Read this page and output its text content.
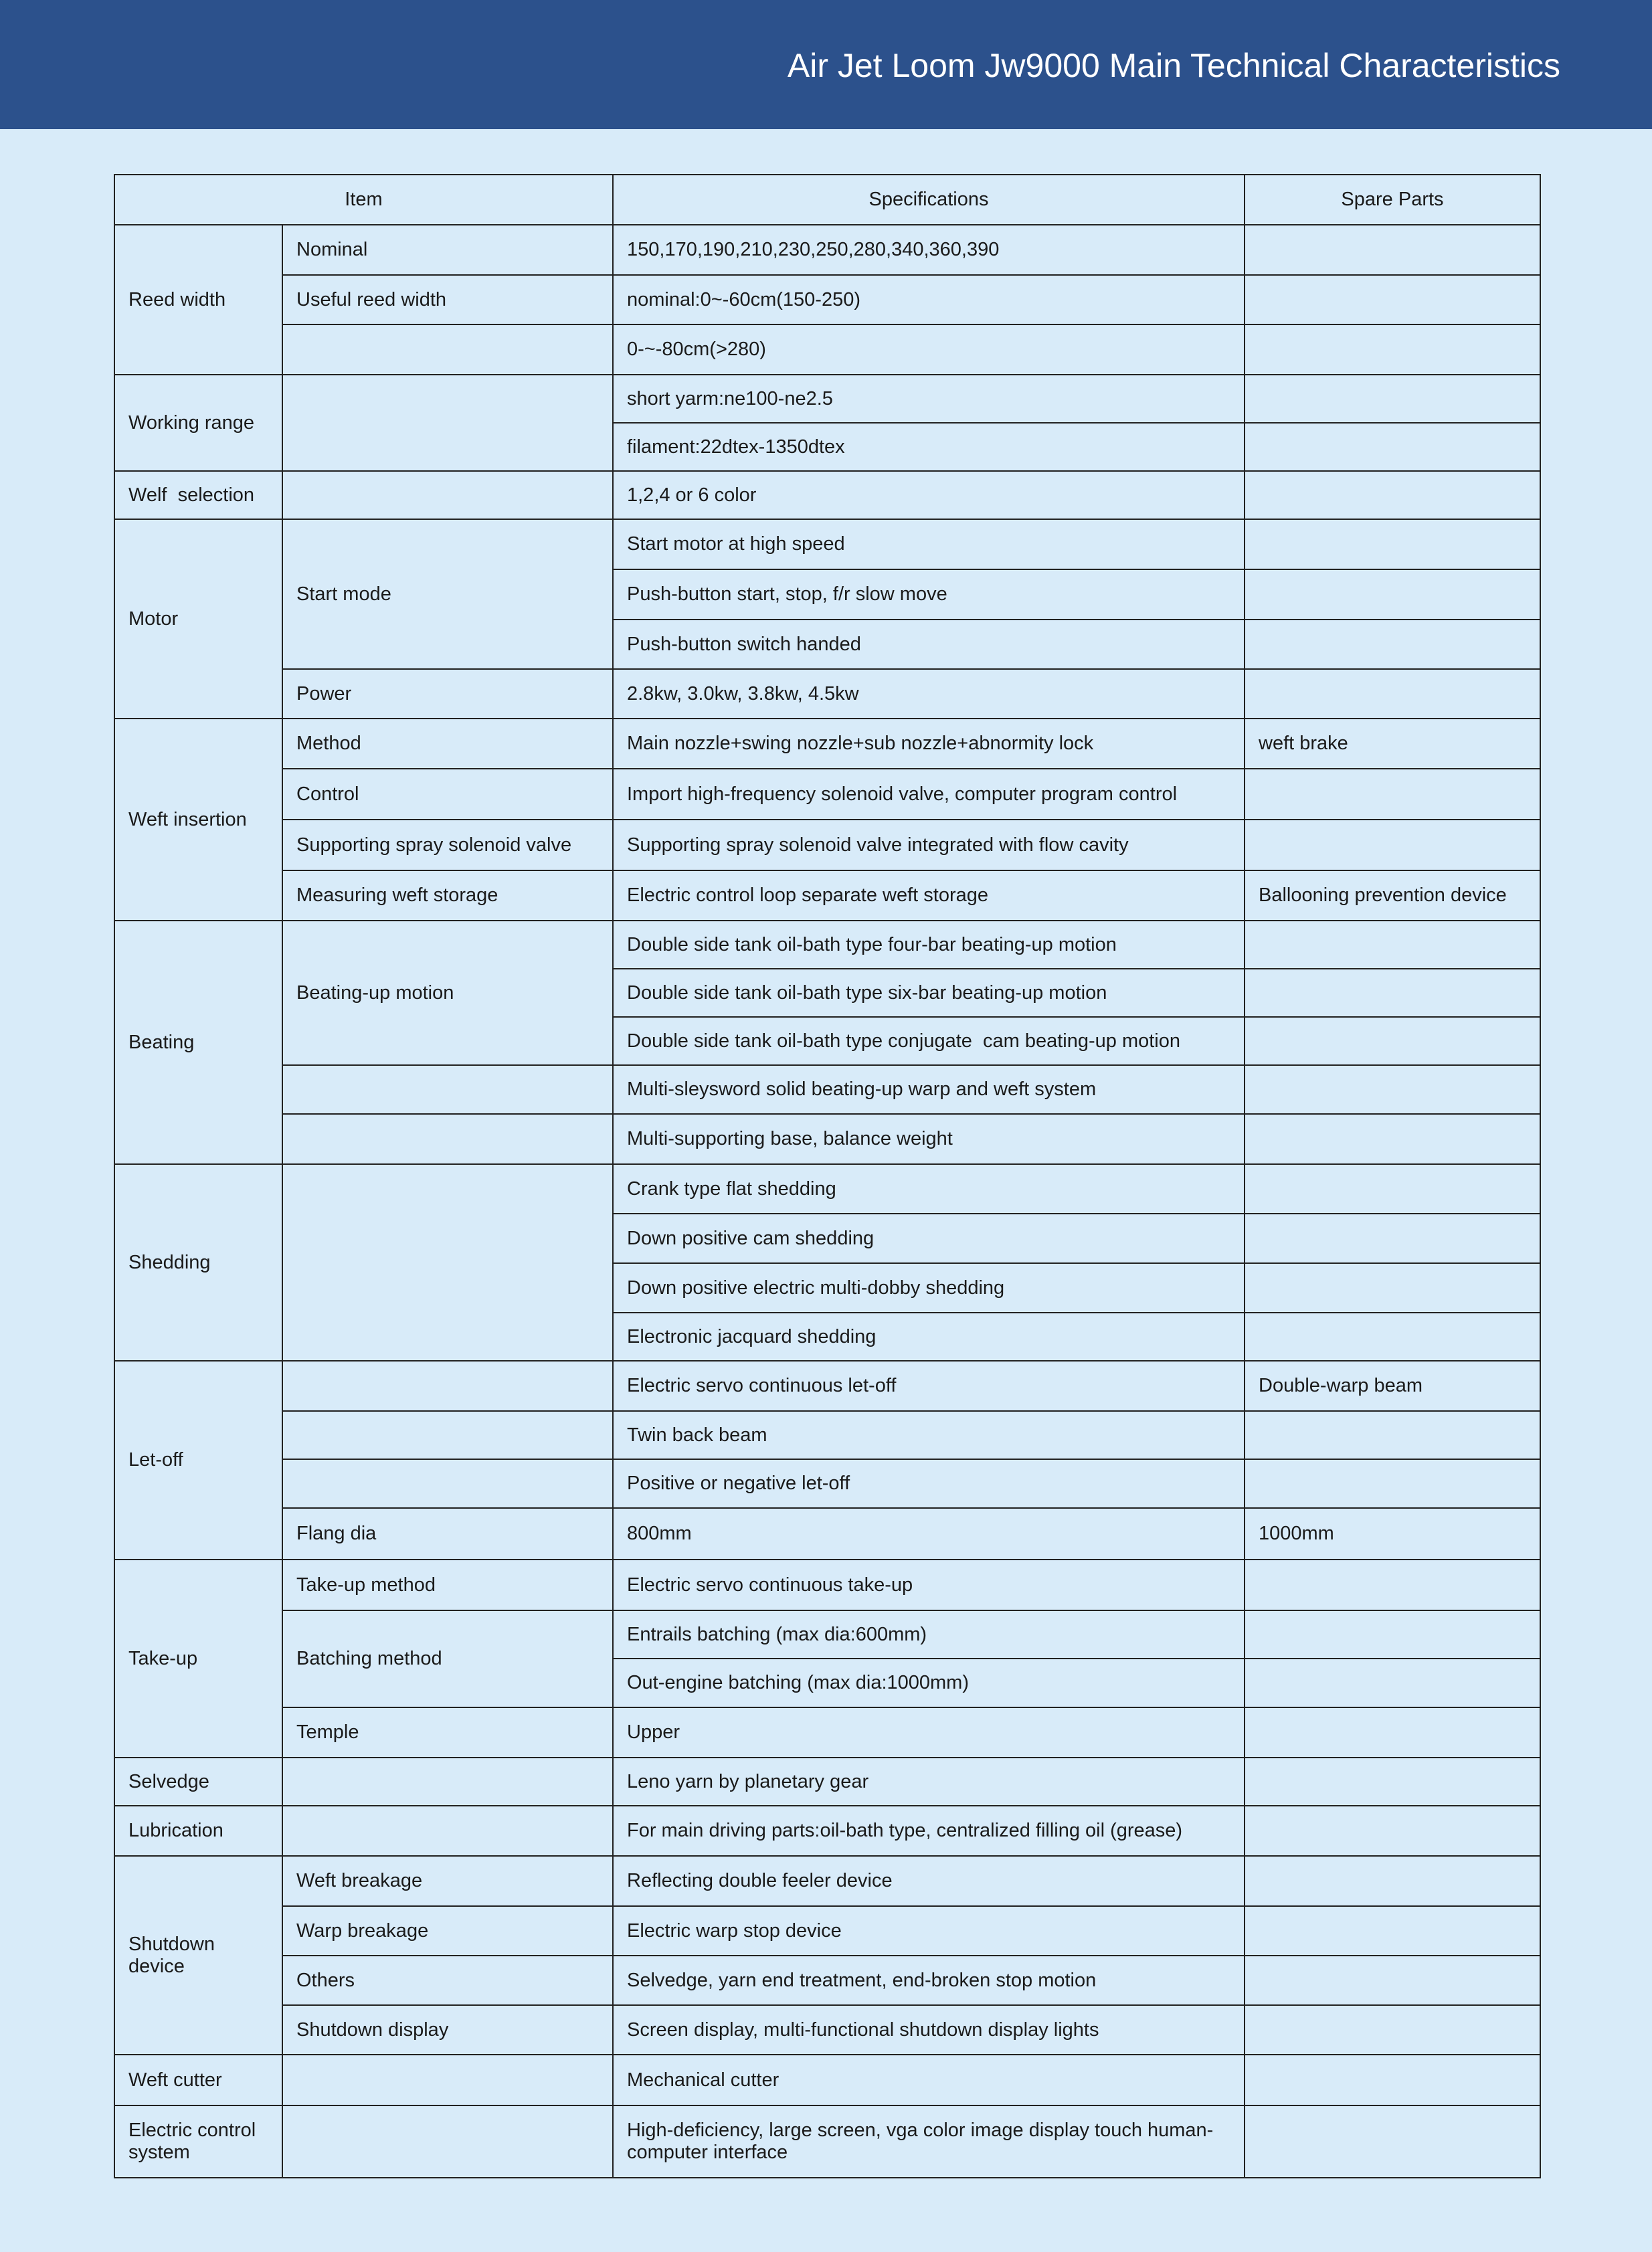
Air Jet Loom Jw9000 Main Technical Characteristics
Item		Specifications	Spare Parts
Reed width	Nominal	150,170,190,210,230,250,280,340,360,390	
	Useful reed width	nominal:0~-60cm(150-250)	
		0-~-80cm(>280)	
Working range		short yarm:ne100-ne2.5	
		filament:22dtex-1350dtex	
Welf  selection		1,2,4 or 6 color	
Motor	Start mode	Start motor at high speed	
		Push-button start, stop, f/r slow move	
		Push-button switch handed	
	Power	2.8kw, 3.0kw, 3.8kw, 4.5kw	
Weft insertion	Method	Main nozzle+swing nozzle+sub nozzle+abnormity lock	weft brake
	Control	Import high-frequency solenoid valve, computer program control	
	Supporting spray solenoid valve	Supporting spray solenoid valve integrated with flow cavity	
	Measuring weft storage	Electric control loop separate weft storage	Ballooning prevention device
Beating	Beating-up motion	Double side tank oil-bath type four-bar beating-up motion	
		Double side tank oil-bath type six-bar beating-up motion	
		Double side tank oil-bath type conjugate  cam beating-up motion	
		Multi-sleysword solid beating-up warp and weft system	
		Multi-supporting base, balance weight	
Shedding		Crank type flat shedding	
		Down positive cam shedding	
		Down positive electric multi-dobby shedding	
		Electronic jacquard shedding	
Let-off		Electric servo continuous let-off	Double-warp beam
		Twin back beam	
		Positive or negative let-off	
	Flang dia	800mm	1000mm
Take-up	Take-up method	Electric servo continuous take-up	
	Batching method	Entrails batching (max dia:600mm)	
		Out-engine batching (max dia:1000mm)	
	Temple	Upper	
Selvedge		Leno yarn by planetary gear	
Lubrication		For main driving parts:oil-bath type, centralized filling oil (grease)	
Shutdown device	Weft breakage	Reflecting double feeler device	
	Warp breakage	Electric warp stop device	
	Others	Selvedge, yarn end treatment, end-broken stop motion	
	Shutdown display	Screen display, multi-functional shutdown display lights	
Weft cutter		Mechanical cutter	
Electric control system		High-deficiency, large screen, vga color image display touch human-computer interface	
